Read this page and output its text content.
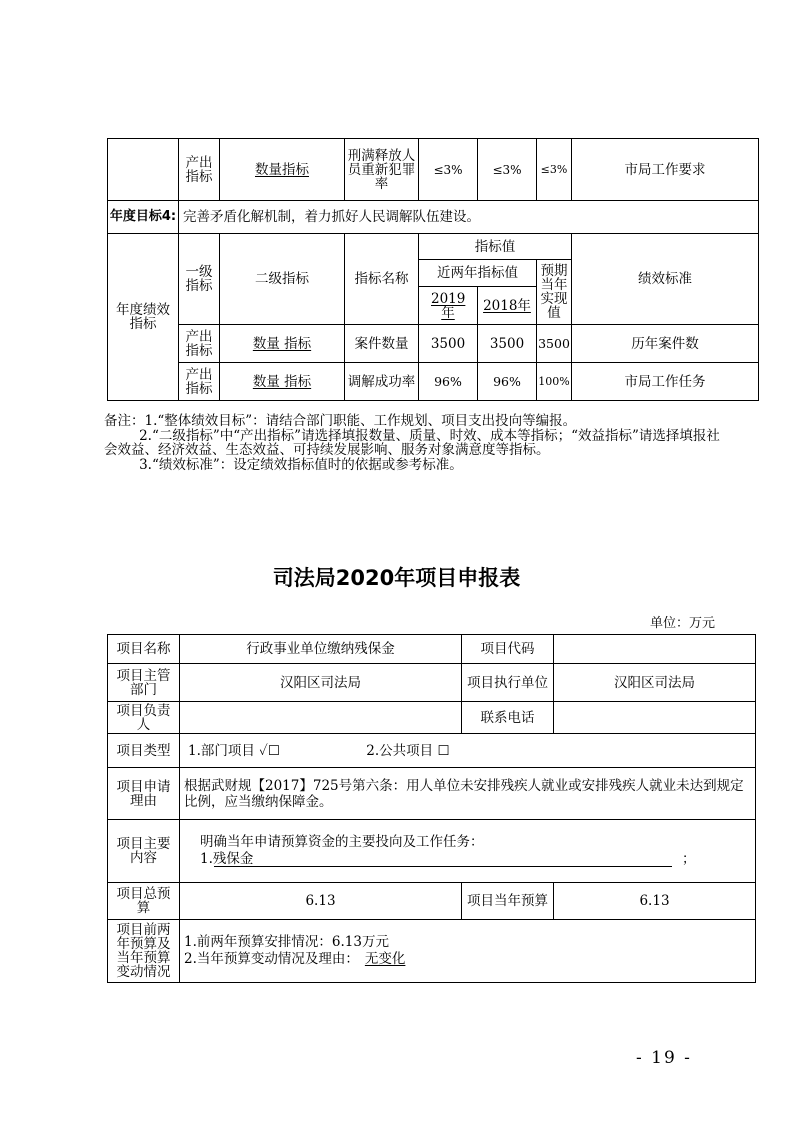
	产出指标	数量指标	刑满释放人员重新犯罪率	≤3%	≤3%	≤3%	市局工作要求
年度目标4:	完善矛盾化解机制，着力抓好人民调解队伍建设。						

年度绩效指标	一级指标	二级指标	指标名称	指标值			绩效标准
				近两年指标值		预期当年实现值	

				2019年	2018年		
	产出指标	数量 指标	案件数量	3500	3500	3500	历年案件数
	产出指标	数量 指标	调解成功率	96%	96%	100%	市局工作任务

备注：1.“整体绩效目标”：请结合部门职能、工作规划、项目支出投向等编报。

2.“二级指标”中“产出指标”请选择填报数量、质量、时效、成本等指标；“效益指标”请选择填报社会效益、经济效益、生态效益、可持续发展影响、服务对象满意度等指标。

3.“绩效标准”：设定绩效指标值时的依据或参考标准。

司法局2020年项目申报表
单位：万元
项目名称	行政事业单位缴纳残保金	项目代码	

项目主管部门	汉阳区司法局	项目执行单位	汉阳区司法局

项目负责人		联系电话	
项目类型	1.部门项目 ✓☐ 2.公共项目 ☐		

项目申请理由	根据武财规【2017】725号第六条：用人单位未安排残疾人就业或安排残疾人就业未达到规定比例，应当缴纳保障金。		

项目主要内容	明确当年申请预算资金的主要投向及工作任务：
1.残保金 ；		

项目总预算	6.13	项目当年预算	6.13

项目前两年预算及当年预算变动情况	1.前两年预算安排情况：6.13万元
2.当年预算变动情况及理由： 无变化		
- 19 -
